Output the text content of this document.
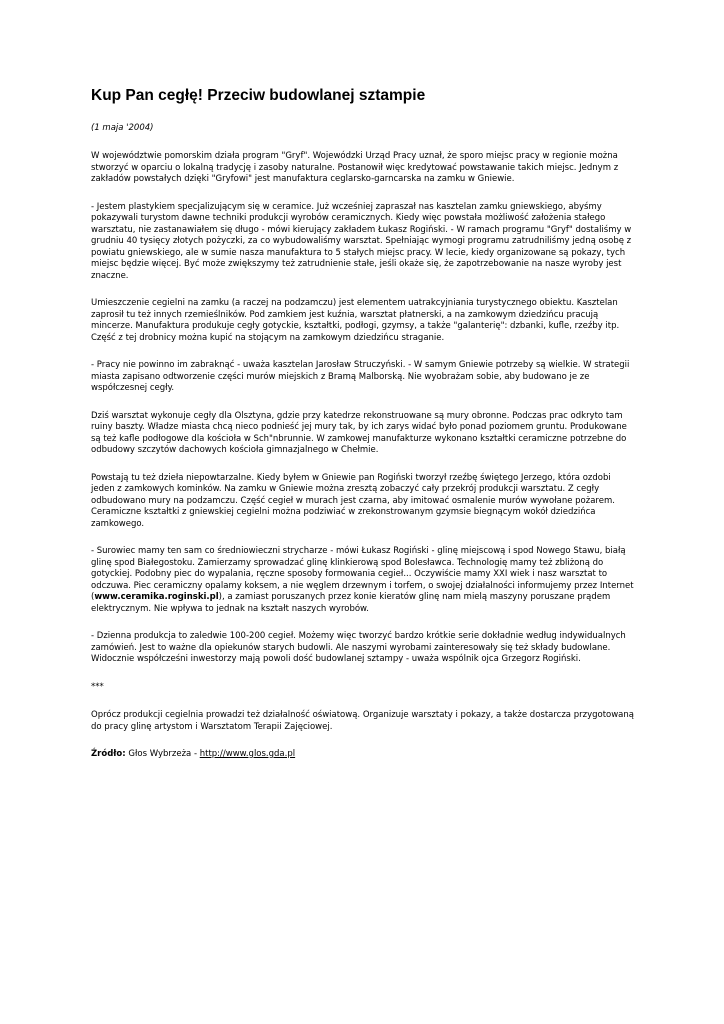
Kup Pan cegłę! Przeciw budowlanej sztampie

(1 maja '2004)

W województwie pomorskim działa program "Gryf". Wojewódzki Urząd Pracy uznał, że sporo miejsc pracy w regionie można stworzyć w oparciu o lokalną tradycję i zasoby naturalne. Postanowił więc kredytować powstawanie takich miejsc. Jednym z zakładów powstałych dzięki "Gryfowi" jest manufaktura ceglarsko-garncarska na zamku w Gniewie.

- Jestem plastykiem specjalizującym się w ceramice. Już wcześniej zapraszał nas kasztelan zamku gniewskiego, abyśmy pokazywali turystom dawne techniki produkcji wyrobów ceramicznych. Kiedy więc powstała możliwość założenia stałego warsztatu, nie zastanawiałem się długo - mówi kierujący zakładem Łukasz Rogiński. - W ramach programu "Gryf" dostaliśmy w grudniu 40 tysięcy złotych pożyczki, za co wybudowaliśmy warsztat. Spełniając wymogi programu zatrudniliśmy jedną osobę z powiatu gniewskiego, ale w sumie nasza manufaktura to 5 stałych miejsc pracy. W lecie, kiedy organizowane są pokazy, tych miejsc będzie więcej. Być może zwiększymy też zatrudnienie stałe, jeśli okaże się, że zapotrzebowanie na nasze wyroby jest znaczne.

Umieszczenie cegielni na zamku (a raczej na podzamczu) jest elementem uatrakcyjniania turystycznego obiektu. Kasztelan zaprosił tu też innych rzemieślników. Pod zamkiem jest kuźnia, warsztat płatnerski, a na zamkowym dziedzińcu pracują mincerze. Manufaktura produkuje cegły gotyckie, kształtki, podłogi, gzymsy, a także "galanterię": dzbanki, kufle, rzeźby itp. Część z tej drobnicy można kupić na stojącym na zamkowym dziedzińcu straganie.

- Pracy nie powinno im zabraknąć - uważa kasztelan Jarosław Struczyński. - W samym Gniewie potrzeby są wielkie. W strategii miasta zapisano odtworzenie części murów miejskich z Bramą Malborską. Nie wyobrażam sobie, aby budowano je ze współczesnej cegły.

Dziś warsztat wykonuje cegły dla Olsztyna, gdzie przy katedrze rekonstruowane są mury obronne. Podczas prac odkryto tam ruiny baszty. Władze miasta chcą nieco podnieść jej mury tak, by ich zarys widać było ponad poziomem gruntu. Produkowane są też kafle podłogowe dla kościoła w Sch"nbrunnie. W zamkowej manufakturze wykonano kształtki ceramiczne potrzebne do odbudowy szczytów dachowych kościoła gimnazjalnego w Chełmie.

Powstają tu też dzieła niepowtarzalne. Kiedy byłem w Gniewie pan Rogiński tworzył rzeźbę świętego Jerzego, która ozdobi jeden z zamkowych kominków. Na zamku w Gniewie można zresztą zobaczyć cały przekrój produkcji warsztatu. Z cegły odbudowano mury na podzamczu. Część cegieł w murach jest czarna, aby imitować osmalenie murów wywołane pożarem. Ceramiczne kształtki z gniewskiej cegielni można podziwiać w zrekonstrowanym gzymsie biegnącym wokół dziedzińca zamkowego.

- Surowiec mamy ten sam co średniowieczni strycharze - mówi Łukasz Rogiński - glinę miejscową i spod Nowego Stawu, białą glinę spod Białegostoku. Zamierzamy sprowadzać glinę klinkierową spod Bolesławca. Technologię mamy też zbliżoną do gotyckiej. Podobny piec do wypalania, ręczne sposoby formowania cegieł... Oczywiście mamy XXI wiek i nasz warsztat to odczuwa. Piec ceramiczny opalamy koksem, a nie węglem drzewnym i torfem, o swojej działalności informujemy przez Internet (www.ceramika.roginski.pl), a zamiast poruszanych przez konie kieratów glinę nam mielą maszyny poruszane prądem elektrycznym. Nie wpływa to jednak na kształt naszych wyrobów.

- Dzienna produkcja to zaledwie 100-200 cegieł. Możemy więc tworzyć bardzo krótkie serie dokładnie według indywidualnych zamówień. Jest to ważne dla opiekunów starych budowli. Ale naszymi wyrobami zainteresowały się też składy budowlane. Widocznie współcześni inwestorzy mają powoli dość budowlanej sztampy - uważa wspólnik ojca Grzegorz Rogiński.

***

Oprócz produkcji cegielnia prowadzi też działalność oświatową. Organizuje warsztaty i pokazy, a także dostarcza przygotowaną do pracy glinę artystom i Warsztatom Terapii Zajęciowej.

Źródło: Głos Wybrzeża - http://www.glos.gda.pl
